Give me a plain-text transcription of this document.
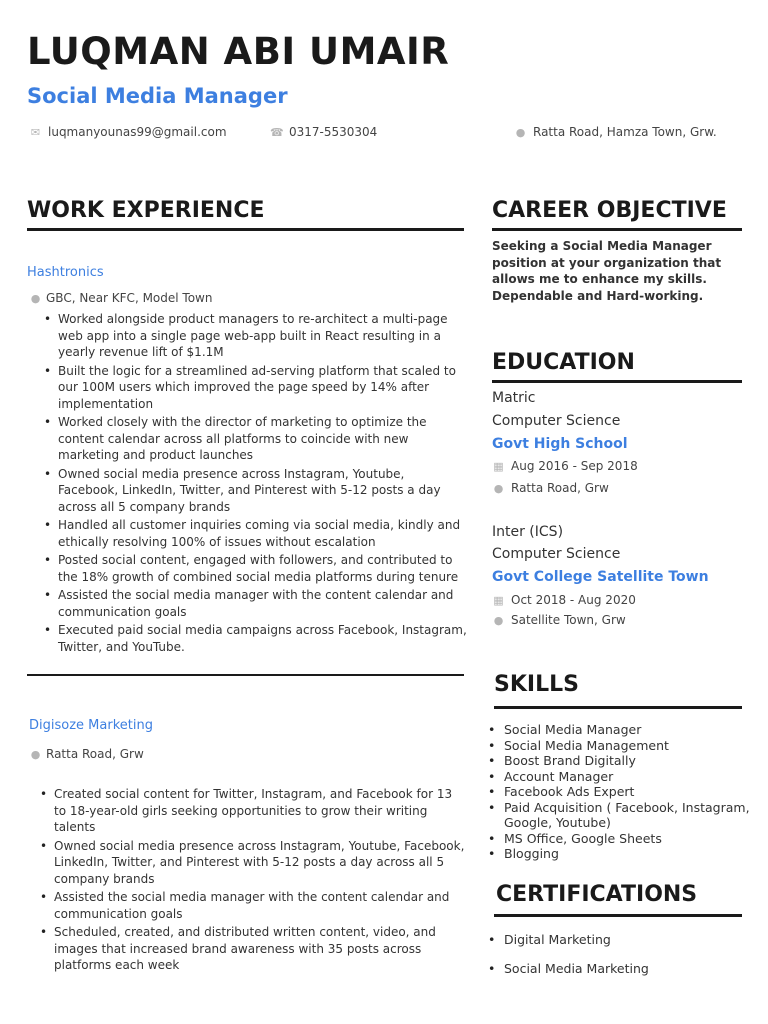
LUQMAN ABI UMAIR
Social Media Manager
✉ luqmanyounas99@gmail.com	☎ 0317-5530304	● Ratta Road, Hamza Town, Grw.
WORK EXPERIENCE
Hashtronics
● GBC, Near KFC, Model Town
• Worked alongside product managers to re-architect a multi-page web app into a single page web-app built in React resulting in a yearly revenue lift of $1.1M
• Built the logic for a streamlined ad-serving platform that scaled to our 100M users which improved the page speed by 14% after implementation
• Worked closely with the director of marketing to optimize the content calendar across all platforms to coincide with new marketing and product launches
• Owned social media presence across Instagram, Youtube, Facebook, LinkedIn, Twitter, and Pinterest with 5-12 posts a day across all 5 company brands
• Handled all customer inquiries coming via social media, kindly and ethically resolving 100% of issues without escalation
• Posted social content, engaged with followers, and contributed to the 18% growth of combined social media platforms during tenure
• Assisted the social media manager with the content calendar and communication goals
• Executed paid social media campaigns across Facebook, Instagram, Twitter, and YouTube.
Digisoze Marketing
● Ratta Road, Grw
• Created social content for Twitter, Instagram, and Facebook for 13 to 18-year-old girls seeking opportunities to grow their writing talents
• Owned social media presence across Instagram, Youtube, Facebook, LinkedIn, Twitter, and Pinterest with 5-12 posts a day across all 5 company brands
• Assisted the social media manager with the content calendar and communication goals
• Scheduled, created, and distributed written content, video, and images that increased brand awareness with 35 posts across platforms each week
CAREER OBJECTIVE
Seeking a Social Media Manager position at your organization that allows me to enhance my skills. Dependable and Hard-working.
EDUCATION
Matric
Computer Science
Govt High School
▦ Aug 2016 - Sep 2018
● Ratta Road, Grw
Inter (ICS)
Computer Science
Govt College Satellite Town
▦ Oct 2018 - Aug 2020
● Satellite Town, Grw
SKILLS
• Social Media Manager
• Social Media Management
• Boost Brand Digitally
• Account Manager
• Facebook Ads Expert
• Paid Acquisition ( Facebook, Instagram, Google, Youtube)
• MS Office, Google Sheets
• Blogging
CERTIFICATIONS
• Digital Marketing
• Social Media Marketing
